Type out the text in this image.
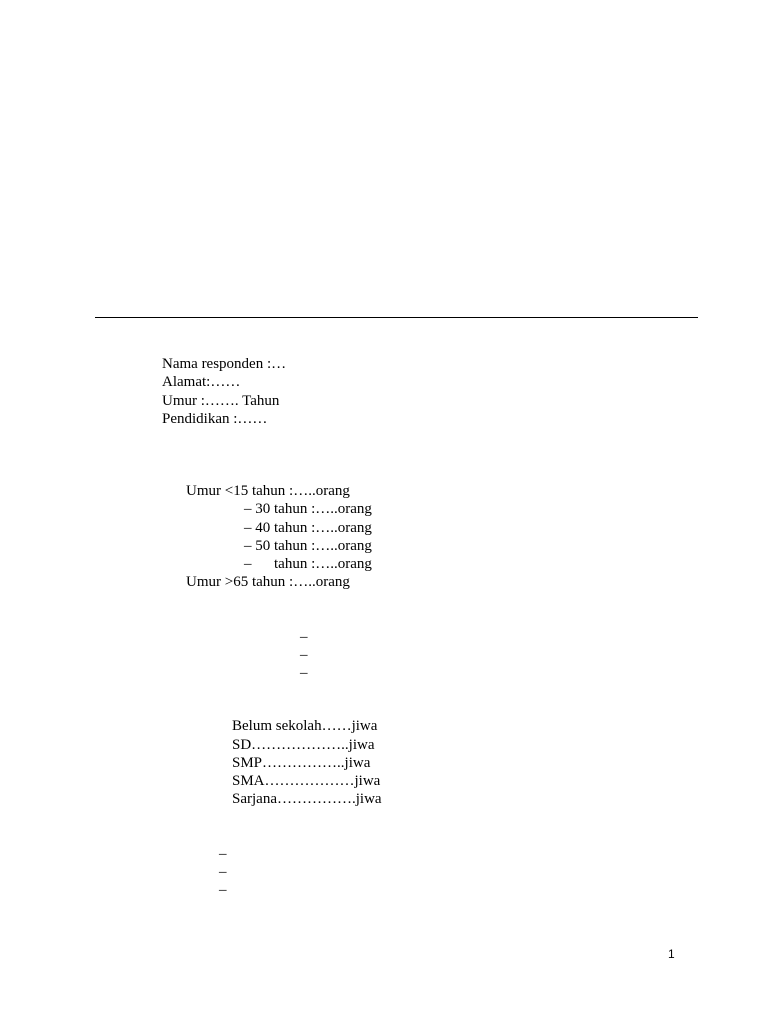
Nama responden :…
Alamat:……
Umur :……. Tahun
Pendidikan :……
Umur <15 tahun :…..orang
– 30 tahun :…..orang
– 40 tahun :…..orang
– 50 tahun :…..orang
–      tahun :…..orang
Umur >65 tahun :…..orang
–
–
–
Belum sekolah……jiwa
SD………………..jiwa
SMP……………..jiwa
SMA………………jiwa
Sarjana…………….jiwa
–
–
–
1
